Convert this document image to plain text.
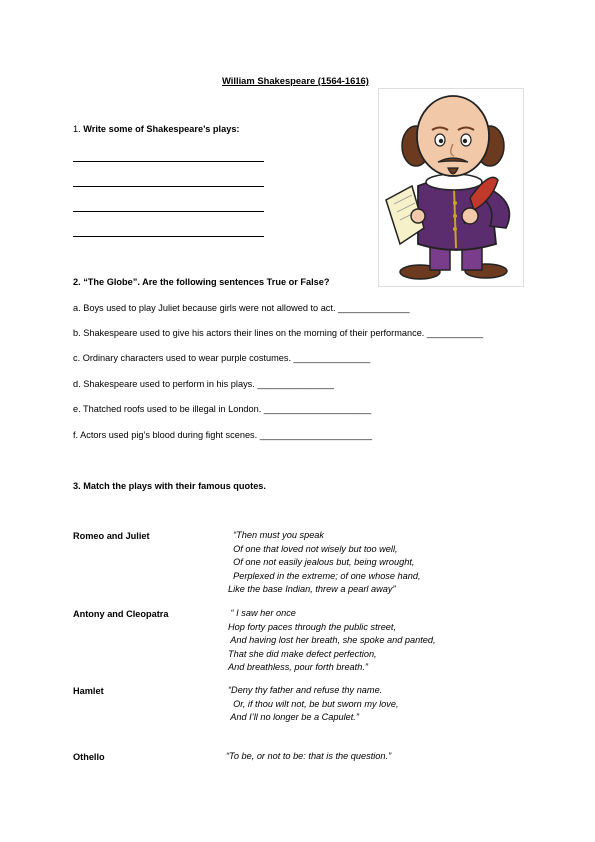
William Shakespeare (1564-1616)
1. Write some of Shakespeare’s plays:
2. “The Globe”. Are the following sentences True or False?
a. Boys used to play Juliet because girls were not allowed to act. ______________
b. Shakespeare used to give his actors their lines on the morning of their performance. ___________
c. Ordinary characters used to wear purple costumes. _______________
d. Shakespeare used to perform in his plays. _______________
e. Thatched roofs used to be illegal in London. _____________________
f. Actors used pig’s blood during fight scenes. ______________________
3. Match the plays with their famous quotes.
Romeo and Juliet
Antony and Cleopatra
Hamlet
Othello
“Then must you speak
Of one that loved not wisely but too well,
Of one not easily jealous but, being wrought,
Perplexed in the extreme; of one whose hand,
Like the base Indian, threw a pearl away”
“ I saw her once
Hop forty paces through the public street,
And having lost her breath, she spoke and panted,
That she did make defect perfection,
And breathless, pour forth breath.”
“Deny thy father and refuse thy name.
Or, if thou wilt not, be but sworn my love,
And I’ll no longer be a Capulet.”
“To be, or not to be: that is the question.”
